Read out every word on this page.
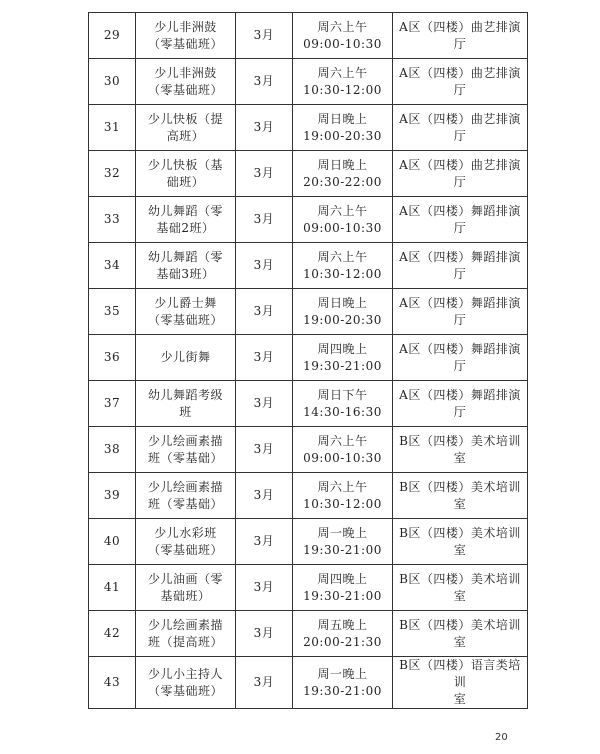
29	少儿非洲鼓
（零基础班）	3月	周六上午
09:00-10:30	A区（四楼）曲艺排演厅

30	少儿非洲鼓
（零基础班）	3月	周六上午
10:30-12:00	A区（四楼）曲艺排演厅

31	少儿快板（提
高班）	3月	周日晚上
19:00-20:30	A区（四楼）曲艺排演厅

32	少儿快板（基
础班）	3月	周日晚上
20:30-22:00	A区（四楼）曲艺排演厅

33	幼儿舞蹈（零
基础2班）	3月	周六上午
09:00-10:30	A区（四楼）舞蹈排演厅

34	幼儿舞蹈（零
基础3班）	3月	周六上午
10:30-12:00	A区（四楼）舞蹈排演厅

35	少儿爵士舞
（零基础班）	3月	周日晚上
19:00-20:30	A区（四楼）舞蹈排演厅

36	少儿街舞	3月	周四晚上
19:30-21:00	A区（四楼）舞蹈排演厅

37	幼儿舞蹈考级
班	3月	周日下午
14:30-16:30	A区（四楼）舞蹈排演厅

38	少儿绘画素描
班（零基础）	3月	周六上午
09:00-10:30	B区（四楼）美术培训室

39	少儿绘画素描
班（零基础）	3月	周六上午
10:30-12:00	B区（四楼）美术培训室

40	少儿水彩班
（零基础班）	3月	周一晚上
19:30-21:00	B区（四楼）美术培训室

41	少儿油画（零
基础班）	3月	周四晚上
19:30-21:00	B区（四楼）美术培训室

42	少儿绘画素描
班（提高班）	3月	周五晚上
20:00-21:30	B区（四楼）美术培训室

43	少儿小主持人
（零基础班）	3月	周一晚上
19:30-21:00	B区（四楼）语言类培训
室
20
